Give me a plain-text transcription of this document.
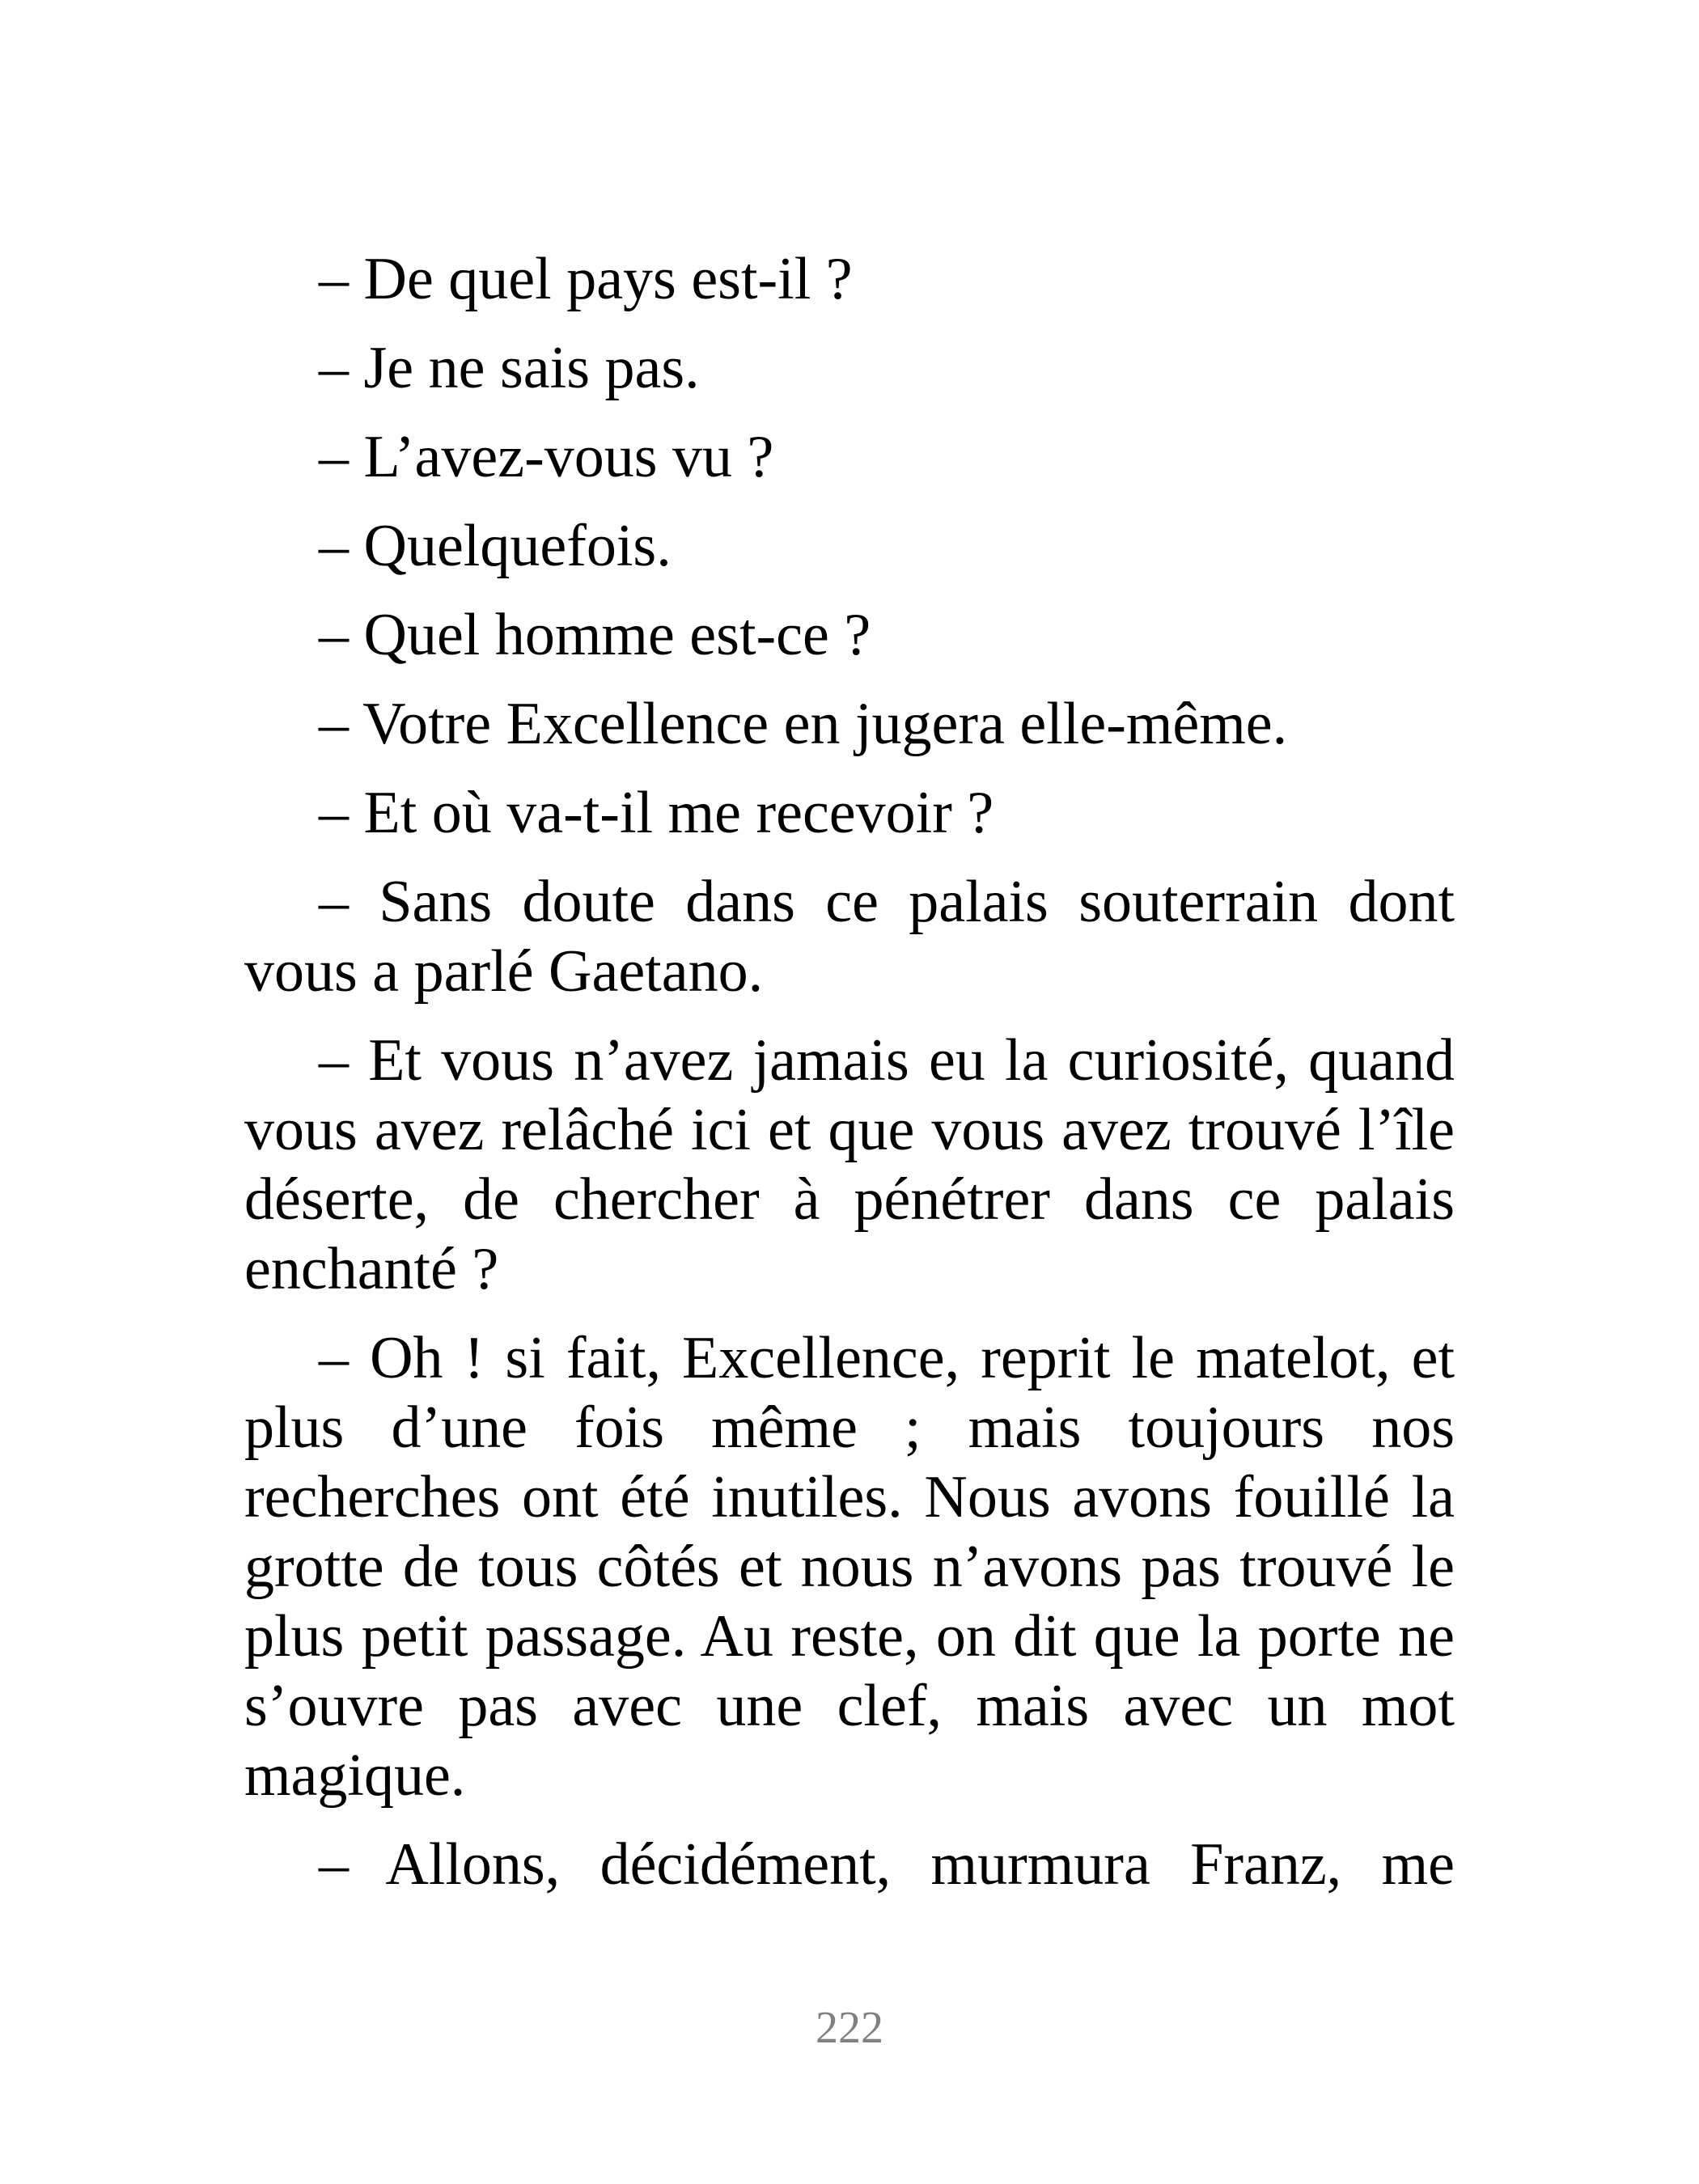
– De quel pays est-il ?

– Je ne sais pas.

– L’avez-vous vu ?

– Quelquefois.

– Quel homme est-ce ?

– Votre Excellence en jugera elle-même.

– Et où va-t-il me recevoir ?

– Sans doute dans ce palais souterrain dont vous a parlé Gaetano.

– Et vous n’avez jamais eu la curiosité, quand vous avez relâché ici et que vous avez trouvé l’île déserte, de chercher à pénétrer dans ce palais enchanté ?

– Oh ! si fait, Excellence, reprit le matelot, et plus d’une fois même ; mais toujours nos recherches ont été inutiles. Nous avons fouillé la grotte de tous côtés et nous n’avons pas trouvé le plus petit passage. Au reste, on dit que la porte ne s’ouvre pas avec une clef, mais avec un mot magique.

– Allons, décidément, murmura Franz, me

222
